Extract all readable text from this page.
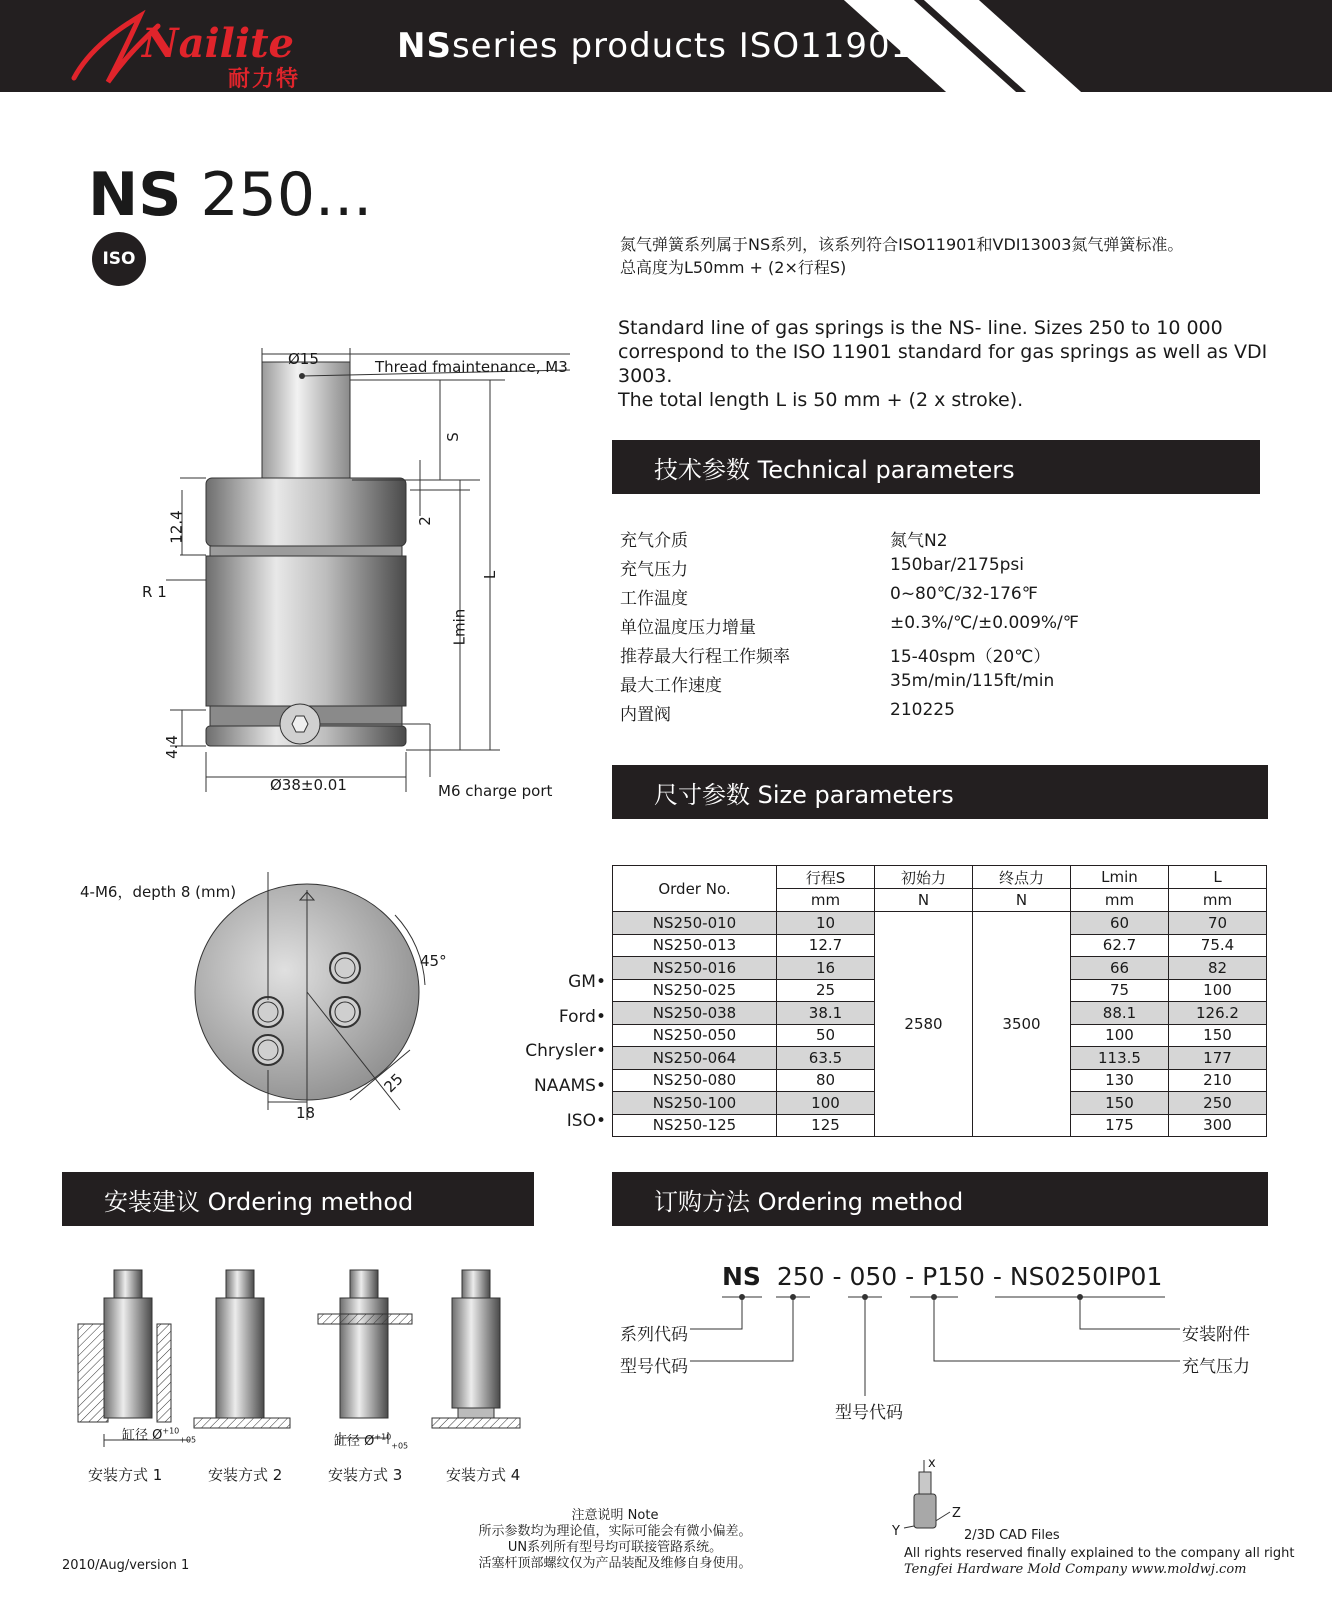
Nailite
耐力特
NSseries products ISO11901
NS 250...
ISO
氮气弹簧系列属于NS系列，该系列符合ISO11901和VDI13003氮气弹簧标准。
总高度为L50mm + (2×行程S)
Standard line of gas springs is the NS- line. Sizes 250 to 10 000 correspond to the ISO 11901 standard for gas springs as well as VDI 3003.
The total length L is 50 mm + (2 x stroke).
技术参数 Technical parameters
尺寸参数 Size parameters
安装建议 Ordering method	订购方法 Ordering method
充气介质	氮气N2
充气压力	150bar/2175psi
工作温度	0~80℃/32-176℉
单位温度压力增量	±0.3%/℃/±0.009%/℉
推荐最大行程工作频率	15-40spm（20℃）
最大工作速度	35m/min/115ft/min
内置阀	210225
Ø15	Thread fmaintenance, M3
S
12.4	2
R 1
L
Lmin
4.4
Ø38±0.01	M6 charge port
4-M6，depth 8 (mm)
45°
25
18
GM•
Ford•
Chrysler•
NAAMS•
ISO•
Order No.	行程S	初始力	终点力	Lmin	L
	mm	N	N	mm	mm
NS250-010	10	2580	3500	60	70
NS250-013	12.7			62.7	75.4
NS250-016	16			66	82
NS250-025	25			75	100
NS250-038	38.1			88.1	126.2
NS250-050	50			100	150
NS250-064	63.5			113.5	177
NS250-080	80			130	210
NS250-100	100			150	250
NS250-125	125			175	300
缸径 $Ø^{+10}_{+05}$	缸径 $Ø^{+10}_{+05}$
安装方式 1	安装方式 2	安装方式 3	安装方式 4
NS 250 - 050 - P150 - NS0250IP01
系列代码
型号代码
型号代码
安装附件
充气压力
x
Y
Z
2/3D CAD Files
注意说明 Note
所示参数均为理论值，实际可能会有微小偏差。
UN系列所有型号均可联接管路系统。
活塞杆顶部螺纹仅为产品装配及维修自身使用。
2010/Aug/version 1
All rights reserved finally explained to the company all right
Tengfei Hardware Mold Company www.moldwj.com
